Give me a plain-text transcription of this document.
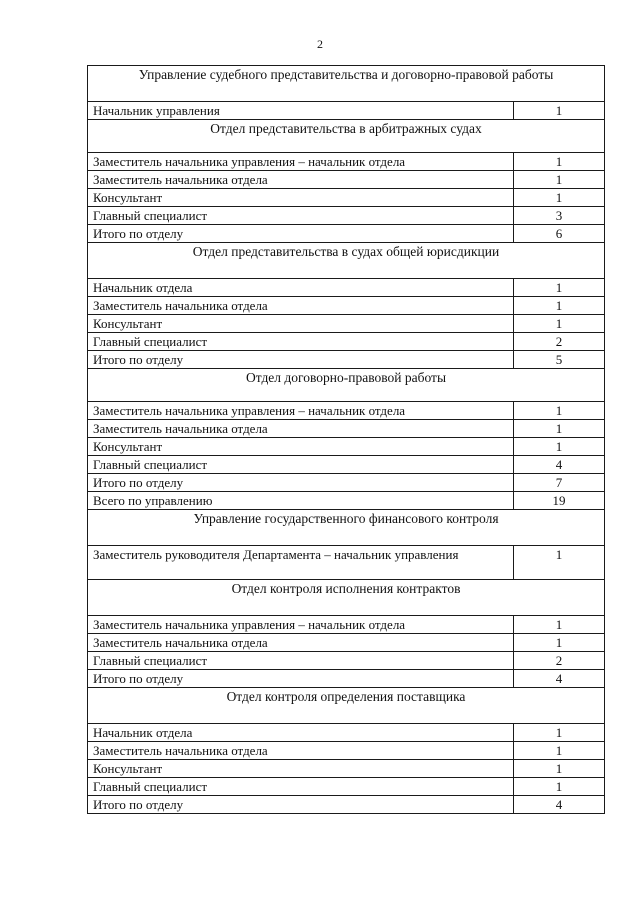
2
Управление судебного представительства и договорно-правовой работы	
Начальник управления	1
Отдел представительства в арбитражных судах	
Заместитель начальника управления – начальник отдела	1
Заместитель начальника отдела	1
Консультант	1
Главный специалист	3
Итого по отделу	6
Отдел представительства в судах общей юрисдикции	
Начальник отдела	1
Заместитель начальника отдела	1
Консультант	1
Главный специалист	2
Итого по отделу	5
Отдел договорно-правовой работы	
Заместитель начальника управления – начальник отдела	1
Заместитель начальника отдела	1
Консультант	1
Главный специалист	4
Итого по отделу	7
Всего по управлению	19
Управление государственного финансового контроля	
Заместитель руководителя Департамента – начальник управления	1
Отдел контроля исполнения контрактов	
Заместитель начальника управления – начальник отдела	1
Заместитель начальника отдела	1
Главный специалист	2
Итого по отделу	4
Отдел контроля определения поставщика	
Начальник отдела	1
Заместитель начальника отдела	1
Консультант	1
Главный специалист	1
Итого по отделу	4
